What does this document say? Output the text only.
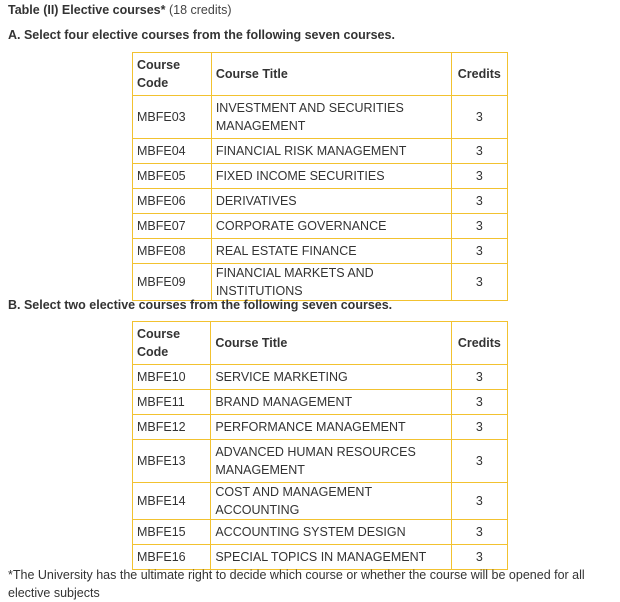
Table (II) Elective courses* (18 credits)
A. Select four elective courses from the following seven courses.
Course Code	Course Title	Credits
MBFE03	INVESTMENT AND SECURITIES MANAGEMENT	3
MBFE04	FINANCIAL RISK MANAGEMENT	3
MBFE05	FIXED INCOME SECURITIES	3
MBFE06	DERIVATIVES	3
MBFE07	CORPORATE GOVERNANCE	3
MBFE08	REAL ESTATE FINANCE	3
MBFE09	FINANCIAL MARKETS AND INSTITUTIONS	3
B. Select two elective courses from the following seven courses.
Course Code	Course Title	Credits
MBFE10	SERVICE MARKETING	3
MBFE11	BRAND MANAGEMENT	3
MBFE12	PERFORMANCE MANAGEMENT	3
MBFE13	ADVANCED HUMAN RESOURCES MANAGEMENT	3
MBFE14	COST AND MANAGEMENT ACCOUNTING	3
MBFE15	ACCOUNTING SYSTEM DESIGN	3
MBFE16	SPECIAL TOPICS IN MANAGEMENT	3
*The University has the ultimate right to decide which course or whether the course will be opened for all elective subjects
